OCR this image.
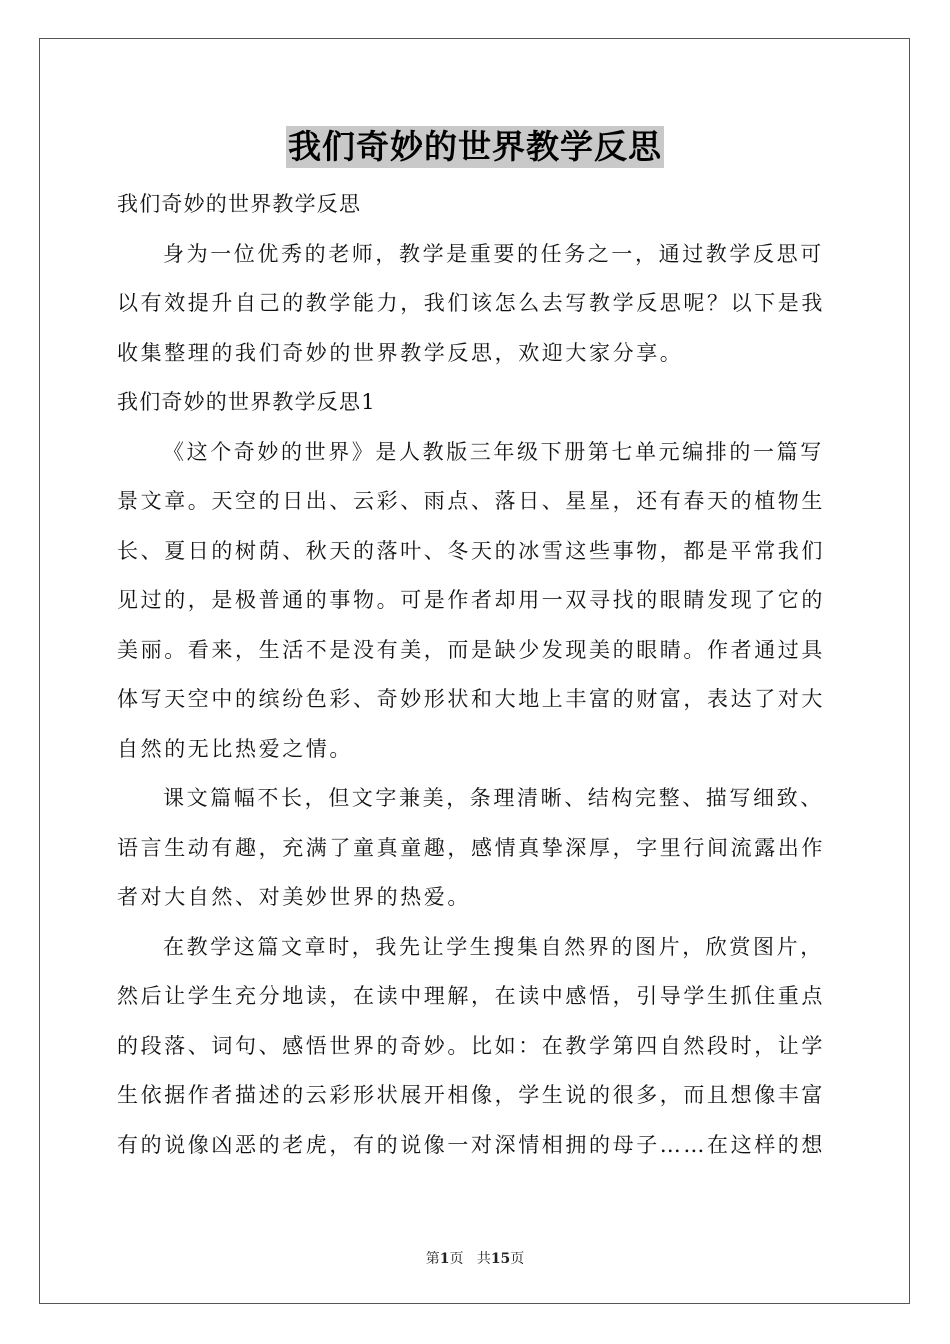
我们奇妙的世界教学反思
我们奇妙的世界教学反思
身为一位优秀的老师，教学是重要的任务之一，通过教学反思可
以有效提升自己的教学能力，我们该怎么去写教学反思呢？以下是我
收集整理的我们奇妙的世界教学反思，欢迎大家分享。
我们奇妙的世界教学反思1
《这个奇妙的世界》是人教版三年级下册第七单元编排的一篇写
景文章。天空的日出、云彩、雨点、落日、星星，还有春天的植物生
长、夏日的树荫、秋天的落叶、冬天的冰雪这些事物，都是平常我们
见过的，是极普通的事物。可是作者却用一双寻找的眼睛发现了它的
美丽。看来，生活不是没有美，而是缺少发现美的眼睛。作者通过具
体写天空中的缤纷色彩、奇妙形状和大地上丰富的财富，表达了对大
自然的无比热爱之情。
课文篇幅不长，但文字兼美，条理清晰、结构完整、描写细致、
语言生动有趣，充满了童真童趣，感情真挚深厚，字里行间流露出作
者对大自然、对美妙世界的热爱。
在教学这篇文章时，我先让学生搜集自然界的图片，欣赏图片，
然后让学生充分地读，在读中理解，在读中感悟，引导学生抓住重点
的段落、词句、感悟世界的奇妙。比如：在教学第四自然段时，让学
生依据作者描述的云彩形状展开相像，学生说的很多，而且想像丰富
有的说像凶恶的老虎，有的说像一对深情相拥的母子……在这样的想
第1页 共15页
